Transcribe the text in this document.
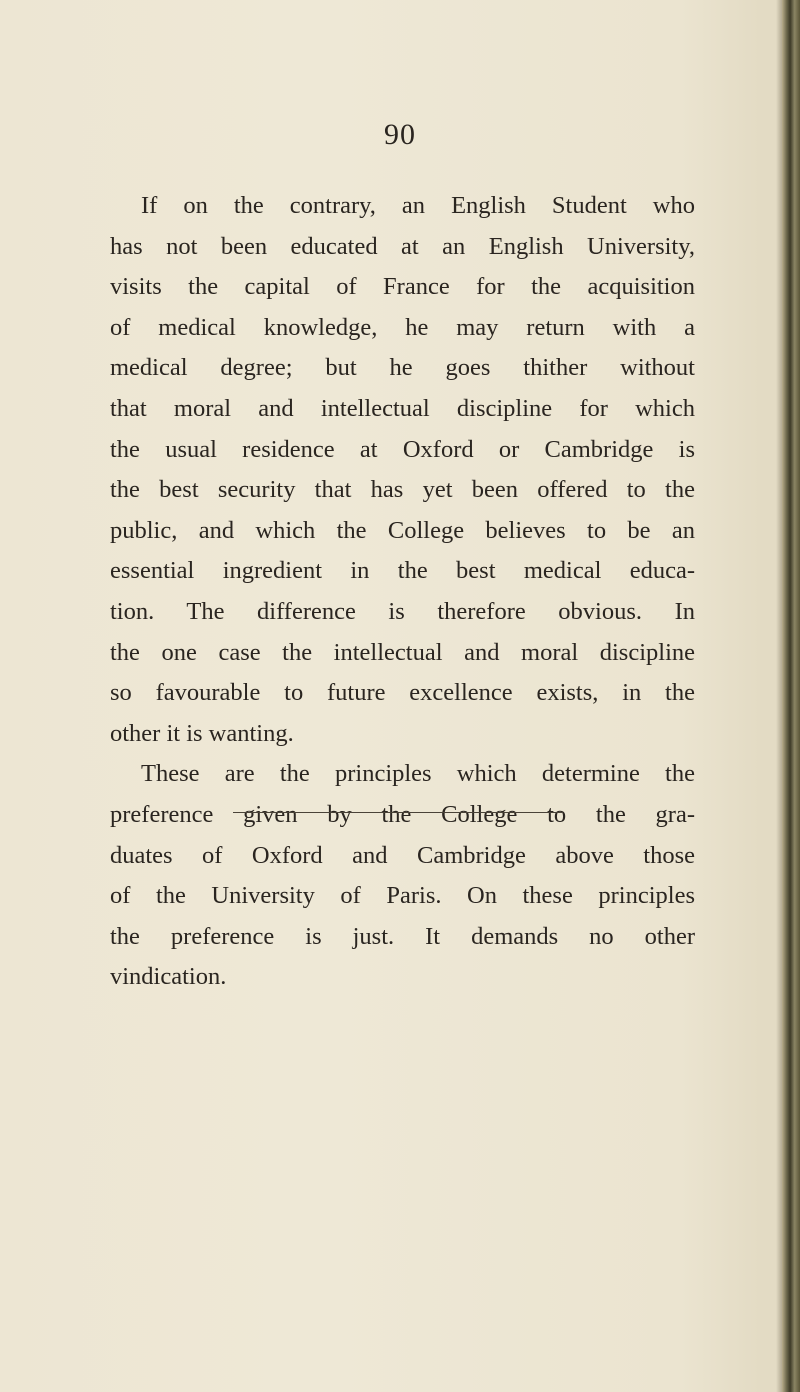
90
If on the contrary, an English Student who
has not been educated at an English University,
visits the capital of France for the acquisition
of medical knowledge, he may return with a
medical degree; but he goes thither without
that moral and intellectual discipline for which
the usual residence at Oxford or Cambridge is
the best security that has yet been offered to the
public, and which the College believes to be an
essential ingredient in the best medical educa-
tion. The difference is therefore obvious. In
the one case the intellectual and moral discipline
so favourable to future excellence exists, in the
other it is wanting.
These are the principles which determine the
preference given by the College to the gra-
duates of Oxford and Cambridge above those
of the University of Paris. On these principles
the preference is just. It demands no other
vindication.
